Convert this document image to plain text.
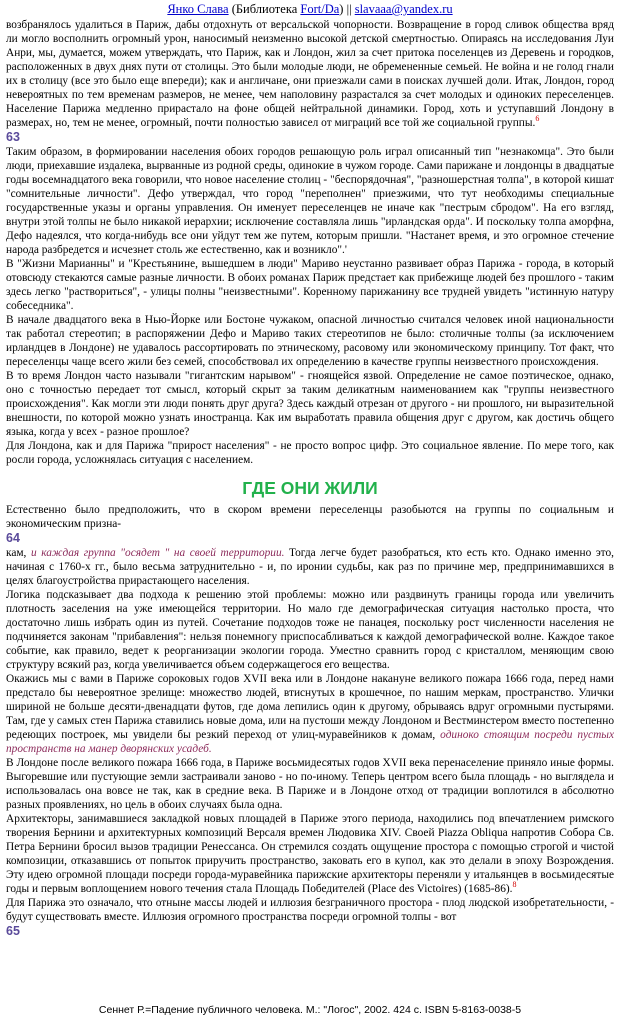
Янко Слава (Библиотека Fort/Da) || slavaaa@yandex.ru

возбранялось удалиться в Париж, дабы отдохнуть от версальской чопорности. Возвращение в город сливок общества вряд ли могло восполнить огромный урон, наносимый неизменно высокой детской смертностью. Опираясь на исследования Луи Анри, мы, думается, можем утверждать, что Париж, как и Лондон, жил за счет притока поселенцев из Деревень и городков, расположенных в двух днях пути от столицы. Это были молодые люди, не обремененные семьей. Не война и не голод гнали их в столицу (все это было еще впереди); как и англичане, они приезжали сами в поисках лучшей доли. Итак, Лондон, город невероятных по тем временам размеров, не менее, чем наполовину разрастался за счет молодых и одиноких переселенцев. Население Парижа медленно прирастало на фоне общей нейтральной динамики. Город, хоть и уступавший Лондону в размерах, но, тем не менее, огромный, почти полностью зависел от миграций все той же социальной группы.$^6$

63

Таким образом, в формировании населения обоих городов решающую роль играл описанный тип "незнакомца". Это были люди, приехавшие издалека, вырванные из родной среды, одинокие в чужом городе. Сами парижане и лондонцы в двадцатые годы восемнадцатого века говорили, что новое население столиц - "беспорядочная", "разношерстная толпа", в которой кишат "сомнительные личности". Дефо утверждал, что город "переполнен" приезжими, что тут необходимы специальные государственные указы и органы управления. Он именует переселенцев не иначе как "пестрым сбродом". На его взгляд, внутри этой толпы не было никакой иерархии; исключение составляла лишь "ирландская орда". И поскольку толпа аморфна, Дефо надеялся, что когда-нибудь все они уйдут тем же путем, которым пришли. "Настанет время, и это огромное стечение народа разбредется и исчезнет столь же естественно, как и возникло".'

В "Жизни Марианны" и "Крестьянине, вышедшем в люди" Мариво неустанно развивает образ Парижа - города, в который отовсюду стекаются самые разные личности. В обоих романах Париж предстает как прибежище людей без прошлого - таким здесь легко "раствориться", - улицы полны "неизвестными". Коренному парижанину все трудней увидеть "истинную натуру собеседника".

В начале двадцатого века в Нью-Йорке или Бостоне чужаком, опасной личностью считался человек иной национальности так работал стереотип; в распоряжении Дефо и Мариво таких стереотипов не было: столичные толпы (за исключением ирландцев в Лондоне) не удавалось рассортировать по этническому, расовому или экономическому принципу. Тот факт, что переселенцы чаще всего жили без семей, способствовал их определению в качестве группы неизвестного происхождения.

В то время Лондон часто называли "гигантским нарывом" - гноящейся язвой. Определение не самое поэтическое, однако, оно с точностью передает тот смысл, который скрыт за таким деликатным наименованием как "группы неизвестного происхождения". Как могли эти люди понять друг друга? Здесь каждый отрезан от другого - ни прошлого, ни выразительной внешности, по которой можно узнать иностранца. Как им выработать правила общения друг с другом, как достичь общего языка, когда у всех - разное прошлое?

Для Лондона, как и для Парижа "прирост населения" - не просто вопрос цифр. Это социальное явление. По мере того, как росли города, усложнялась ситуация с населением.

ГДЕ ОНИ ЖИЛИ

Естественно было предположить, что в скором времени переселенцы разобьются на группы по социальным и экономическим призна-

64

кам, и каждая группа "осядет " на своей территории. Тогда легче будет разобраться, кто есть кто. Однако именно это, начиная с 1760-х гг., было весьма затруднительно - и, по иронии судьбы, как раз по причине мер, предпринимавшихся в целях благоустройства прирастающего населения.

Логика подсказывает два подхода к решению этой проблемы: можно или раздвинуть границы города или увеличить плотность заселения на уже имеющейся территории. Но мало где демографическая ситуация настолько проста, что достаточно лишь избрать один из путей. Сочетание подходов тоже не панацея, поскольку рост численности населения не подчиняется законам "прибавления": нельзя понемногу приспосабливаться к каждой демографической волне. Каждое такое событие, как правило, ведет к реорганизации экологии города. Уместно сравнить город с кристаллом, меняющим свою структуру всякий раз, когда увеличивается объем содержащегося его вещества.

Окажись мы с вами в Париже сороковых годов XVII века или в Лондоне накануне великого пожара 1666 года, перед нами предстало бы невероятное зрелище: множество людей, втиснутых в крошечное, по нашим меркам, пространство. Улички шириной не больше десяти-двенадцати футов, где дома лепились один к другому, обрываясь вдруг огромными пустырями. Там, где у самых стен Парижа ставились новые дома, или на пустоши между Лондоном и Вестминстером вместо постепенно редеющих построек, мы увидели бы резкий переход от улиц-муравейников к домам, одиноко стоящим посреди пустых пространств на манер дворянских усадеб.

В Лондоне после великого пожара 1666 года, в Париже восьмидесятых годов XVII века перенаселение приняло иные формы. Выгоревшие или пустующие земли застраивали заново - но по-иному. Теперь центром всего была площадь - но выглядела и использовалась она вовсе не так, как в средние века. В Париже и в Лондоне отход от традиции воплотился в абсолютно разных проявлениях, но цель в обоих случаях была одна.

Архитекторы, занимавшиеся закладкой новых площадей в Париже этого периода, находились под впечатлением римского творения Бернини и архитектурных композиций Версаля времен Людовика XIV. Своей Piazza Obliqua напротив Собора Св. Петра Бернини бросил вызов традиции Ренессанса. Он стремился создать ощущение простора с помощью строгой и чистой композиции, отказавшись от попыток приручить пространство, заковать его в купол, как это делали в эпоху Возрождения. Эту идею огромной площади посреди города-муравейника парижские архитекторы переняли у итальянцев в восьмидесятые годы и первым воплощением нового течения стала Площадь Победителей (Place des Victoires) (1685-86).$^8$

Для Парижа это означало, что отныне массы людей и иллюзия безграничного простора - плод людской изобретательности, - будут существовать вместе. Иллюзия огромного пространства посреди огромной толпы - вот

65
Сеннет Р.=Падение публичного человека. М.: "Логос", 2002. 424 с. ISBN 5-8163-0038-5
